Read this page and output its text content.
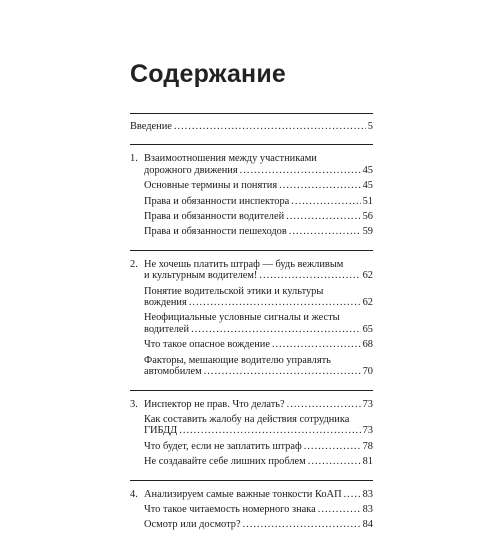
Содержание
Введение .....	5
1. Взаимоотношения между участниками
дорожного движения .....	45
Основные термины и понятия .....	45
Права и обязанности инспектора .....	51
Права и обязанности водителей .....	56
Права и обязанности пешеходов .....	59
2. Не хочешь платить штраф — будь вежливым
и культурным водителем! .....	62
Понятие водительской этики и культуры
вождения .....	62
Неофициальные условные сигналы и жесты
водителей .....	65
Что такое опасное вождение .....	68
Факторы, мешающие водителю управлять
автомобилем .....	70
3. Инспектор не прав. Что делать? .....	73
Как составить жалобу на действия сотрудника
ГИБДД .....	73
Что будет, если не заплатить штраф .....	78
Не создавайте себе лишних проблем .....	81
4. Анализируем самые важные тонкости КоАП ..... 83
Что такое читаемость номерного знака .....	83
Осмотр или досмотр? .....	84
